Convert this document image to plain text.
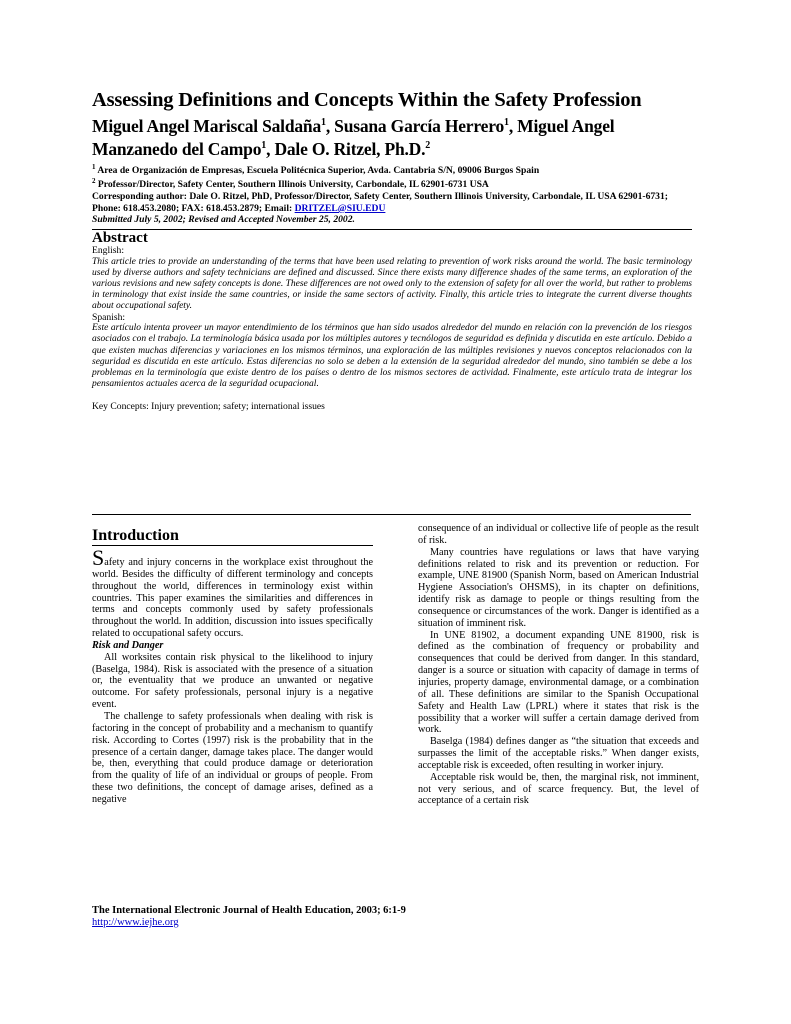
Assessing Definitions and Concepts Within the Safety Profession
Miguel Angel Mariscal Saldaña$^1$, Susana García Herrero$^1$, Miguel Angel Manzanedo del Campo$^1$, Dale O. Ritzel, Ph.D.$^2$
$^1$ Area de Organización de Empresas, Escuela Politécnica Superior, Avda. Cantabria S/N, 09006 Burgos Spain
$^2$ Professor/Director, Safety Center, Southern Illinois University, Carbondale, IL 62901-6731 USA
Corresponding author: Dale O. Ritzel, PhD, Professor/Director, Safety Center, Southern Illinois University, Carbondale, IL USA 62901-6731; Phone: 618.453.2080; FAX: 618.453.2879; Email: DRITZEL@SIU.EDU
Submitted July 5, 2002; Revised and Accepted November 25, 2002.
Abstract
English:
This article tries to provide an understanding of the terms that have been used relating to prevention of work risks around the world. The basic terminology used by diverse authors and safety technicians are defined and discussed. Since there exists many difference shades of the same terms, an exploration of the various revisions and new safety concepts is done. These differences are not owed only to the extension of safety for all over the world, but rather to problems in terminology that exist inside the same countries, or inside the same sectors of activity. Finally, this article tries to integrate the current diverse thoughts about occupational safety.
Spanish:
Este artículo intenta proveer un mayor entendimiento de los términos que han sido usados alrededor del mundo en relación con la prevención de los riesgos asociados con el trabajo. La terminología básica usada por los múltiples autores y tecnólogos de seguridad es definida y discutida en este artículo. Debido a que existen muchas diferencias y variaciones en los mismos términos, una exploración de las múltiples revisiones y nuevos conceptos relacionados con la seguridad es discutida en este artículo. Estas diferencias no solo se deben a la extensión de la seguridad alrededor del mundo, sino también se debe a los problemas en la terminología que existe dentro de los países o dentro de los mismos sectores de actividad. Finalmente, este artículo trata de integrar los pensamientos actuales acerca de la seguridad ocupacional.
Key Concepts: Injury prevention; safety; international issues
Introduction

Safety and injury concerns in the workplace exist throughout the world. Besides the difficulty of different terminology and concepts throughout the world, differences in terminology exist within countries. This paper examines the similarities and differences in terms and concepts commonly used by safety professionals throughout the world. In addition, discussion into issues specifically related to occupational safety occurs.

Risk and Danger

All worksites contain risk physical to the likelihood to injury (Baselga, 1984). Risk is associated with the presence of a situation or, the eventuality that we produce an unwanted or negative outcome. For safety professionals, personal injury is a negative event.

The challenge to safety professionals when dealing with risk is factoring in the concept of probability and a mechanism to quantify risk. According to Cortes (1997) risk is the probability that in the presence of a certain danger, damage takes place. The danger would be, then, everything that could produce damage or deterioration from the quality of life of an individual or groups of people. From these two definitions, the concept of damage arises, defined as a negative

consequence of an individual or collective life of people as the result of risk.

Many countries have regulations or laws that have varying definitions related to risk and its prevention or reduction. For example, UNE 81900 (Spanish Norm, based on American Industrial Hygiene Association's OHSMS), in its chapter on definitions, identify risk as damage to people or things resulting from the consequence or circumstances of the work. Danger is identified as a situation of imminent risk.

In UNE 81902, a document expanding UNE 81900, risk is defined as the combination of frequency or probability and consequences that could be derived from danger. In this standard, danger is a source or situation with capacity of damage in terms of injuries, property damage, environmental damage, or a combination of all. These definitions are similar to the Spanish Occupational Safety and Health Law (LPRL) where it states that risk is the possibility that a worker will suffer a certain damage derived from work.

Baselga (1984) defines danger as “the situation that exceeds and surpasses the limit of the acceptable risks.” When danger exists, acceptable risk is exceeded, often resulting in worker injury.

Acceptable risk would be, then, the marginal risk, not imminent, not very serious, and of scarce frequency. But, the level of acceptance of a certain risk

The International Electronic Journal of Health Education, 2003; 6:1-9
http://www.iejhe.org
